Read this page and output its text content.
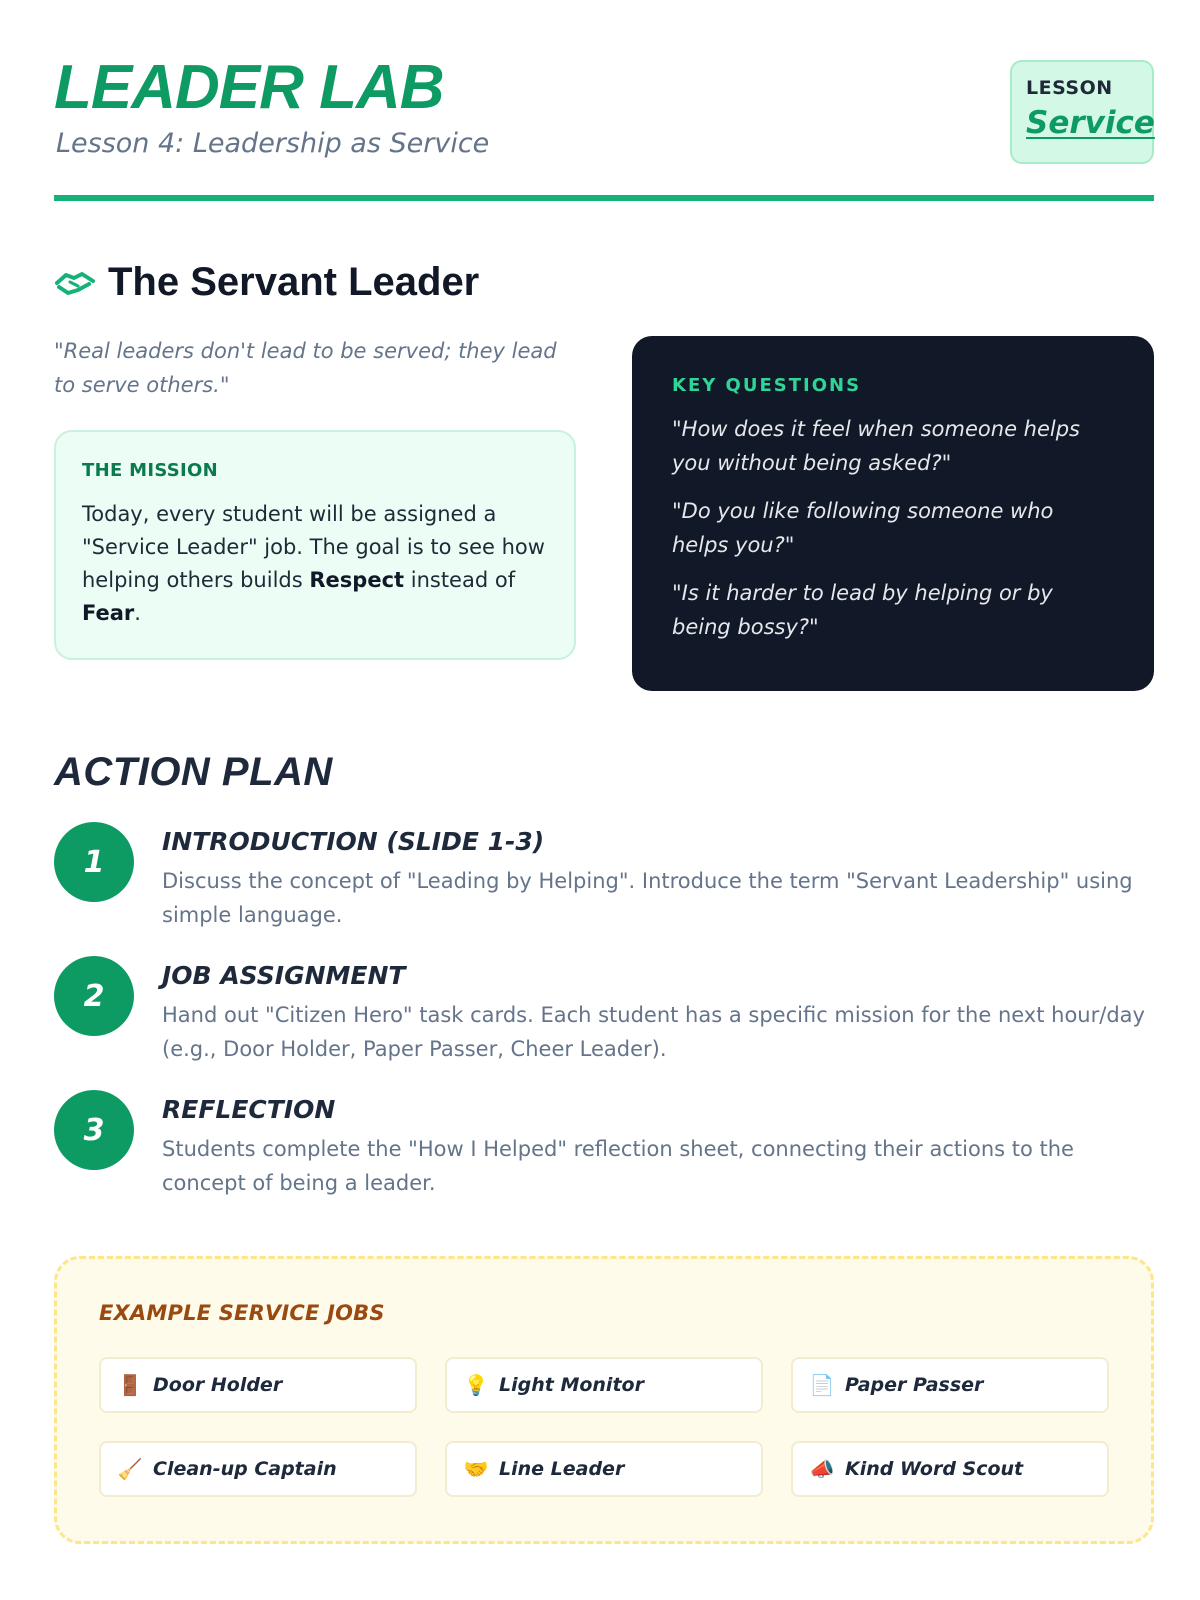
LEADER LAB
Lesson 4: Leadership as Service
LESSON
Service
The Servant Leader
"Real leaders don't lead to be served; they lead to serve others."
THE MISSION
Today, every student will be assigned a "Service Leader" job. The goal is to see how helping others builds Respect instead of Fear.
KEY QUESTIONS
"How does it feel when someone helps you without being asked?"
"Do you like following someone who helps you?"
"Is it harder to lead by helping or by being bossy?"
ACTION PLAN
1
INTRODUCTION (SLIDE 1-3)
Discuss the concept of "Leading by Helping". Introduce the term "Servant Leadership" using simple language.
2
JOB ASSIGNMENT
Hand out "Citizen Hero" task cards. Each student has a specific mission for the next hour/day (e.g., Door Holder, Paper Passer, Cheer Leader).
3
REFLECTION
Students complete the "How I Helped" reflection sheet, connecting their actions to the concept of being a leader.
EXAMPLE SERVICE JOBS
🚪 Door Holder	💡 Light Monitor	📄 Paper Passer
🧹 Clean-up Captain	🤝 Line Leader	📣 Kind Word Scout
